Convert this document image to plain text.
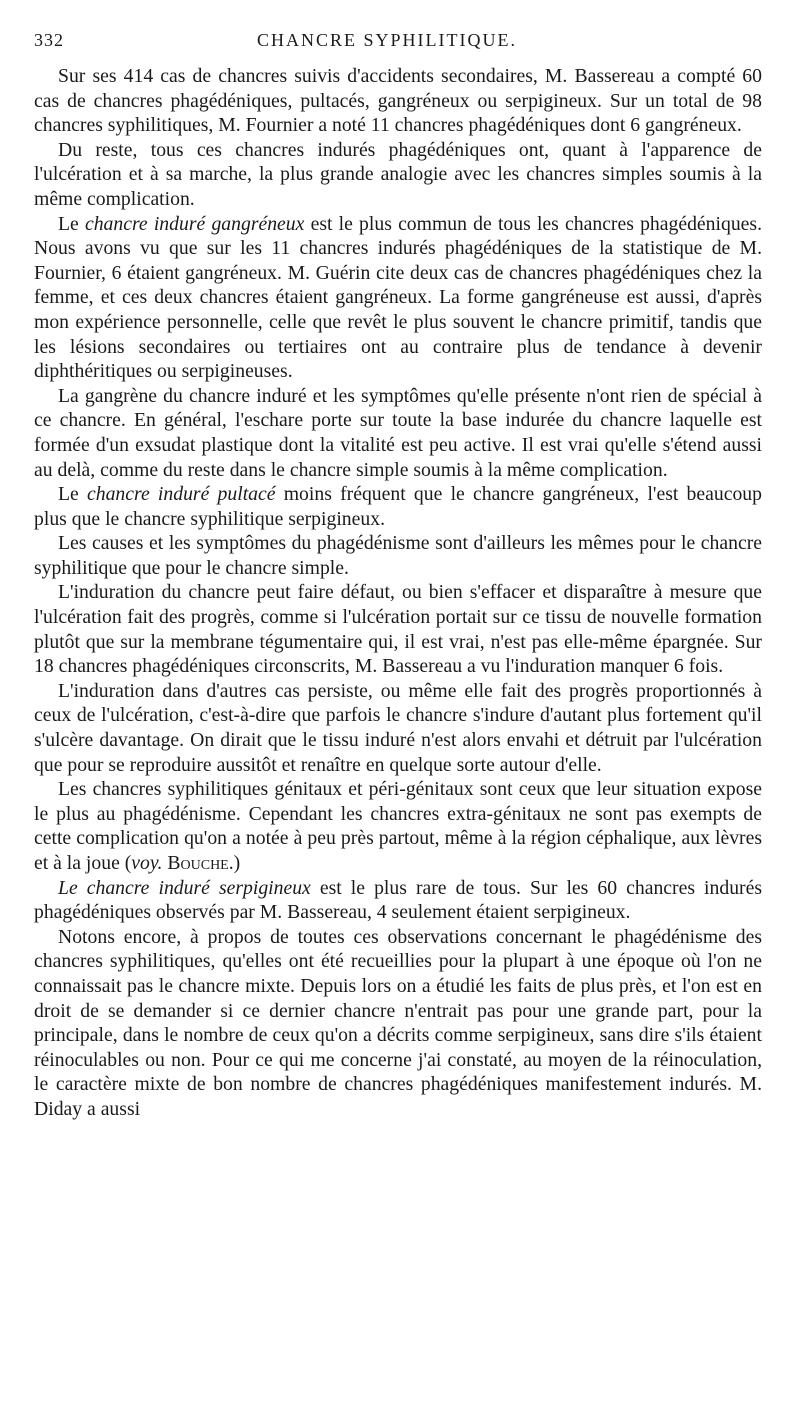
332	CHANCRE SYPHILITIQUE.

Sur ses 414 cas de chancres suivis d'accidents secondaires, M. Bassereau a compté 60 cas de chancres phagédéniques, pultacés, gangréneux ou serpigineux. Sur un total de 98 chancres syphilitiques, M. Fournier a noté 11 chancres phagédéniques dont 6 gangréneux.

Du reste, tous ces chancres indurés phagédéniques ont, quant à l'apparence de l'ulcération et à sa marche, la plus grande analogie avec les chancres simples soumis à la même complication.

Le chancre induré gangréneux est le plus commun de tous les chancres phagédéniques. Nous avons vu que sur les 11 chancres indurés phagédéniques de la statistique de M. Fournier, 6 étaient gangréneux. M. Guérin cite deux cas de chancres phagédéniques chez la femme, et ces deux chancres étaient gangréneux. La forme gangréneuse est aussi, d'après mon expérience personnelle, celle que revêt le plus souvent le chancre primitif, tandis que les lésions secondaires ou tertiaires ont au contraire plus de tendance à devenir diphthéritiques ou serpigineuses.

La gangrène du chancre induré et les symptômes qu'elle présente n'ont rien de spécial à ce chancre. En général, l'eschare porte sur toute la base indurée du chancre laquelle est formée d'un exsudat plastique dont la vitalité est peu active. Il est vrai qu'elle s'étend aussi au delà, comme du reste dans le chancre simple soumis à la même complication.

Le chancre induré pultacé moins fréquent que le chancre gangréneux, l'est beaucoup plus que le chancre syphilitique serpigineux.

Les causes et les symptômes du phagédénisme sont d'ailleurs les mêmes pour le chancre syphilitique que pour le chancre simple.

L'induration du chancre peut faire défaut, ou bien s'effacer et disparaître à mesure que l'ulcération fait des progrès, comme si l'ulcération portait sur ce tissu de nouvelle formation plutôt que sur la membrane tégumentaire qui, il est vrai, n'est pas elle-même épargnée. Sur 18 chancres phagédéniques circonscrits, M. Bassereau a vu l'induration manquer 6 fois.

L'induration dans d'autres cas persiste, ou même elle fait des progrès proportionnés à ceux de l'ulcération, c'est-à-dire que parfois le chancre s'indure d'autant plus fortement qu'il s'ulcère davantage. On dirait que le tissu induré n'est alors envahi et détruit par l'ulcération que pour se reproduire aussitôt et renaître en quelque sorte autour d'elle.

Les chancres syphilitiques génitaux et péri-génitaux sont ceux que leur situation expose le plus au phagédénisme. Cependant les chancres extra-génitaux ne sont pas exempts de cette complication qu'on a notée à peu près partout, même à la région céphalique, aux lèvres et à la joue (voy. Bouche.)

Le chancre induré serpigineux est le plus rare de tous. Sur les 60 chancres indurés phagédéniques observés par M. Bassereau, 4 seulement étaient serpigineux.

Notons encore, à propos de toutes ces observations concernant le phagédénisme des chancres syphilitiques, qu'elles ont été recueillies pour la plupart à une époque où l'on ne connaissait pas le chancre mixte. Depuis lors on a étudié les faits de plus près, et l'on est en droit de se demander si ce dernier chancre n'entrait pas pour une grande part, pour la principale, dans le nombre de ceux qu'on a décrits comme serpigineux, sans dire s'ils étaient réinoculables ou non. Pour ce qui me concerne j'ai constaté, au moyen de la réinoculation, le caractère mixte de bon nombre de chancres phagédéniques manifestement indurés. M. Diday a aussi
